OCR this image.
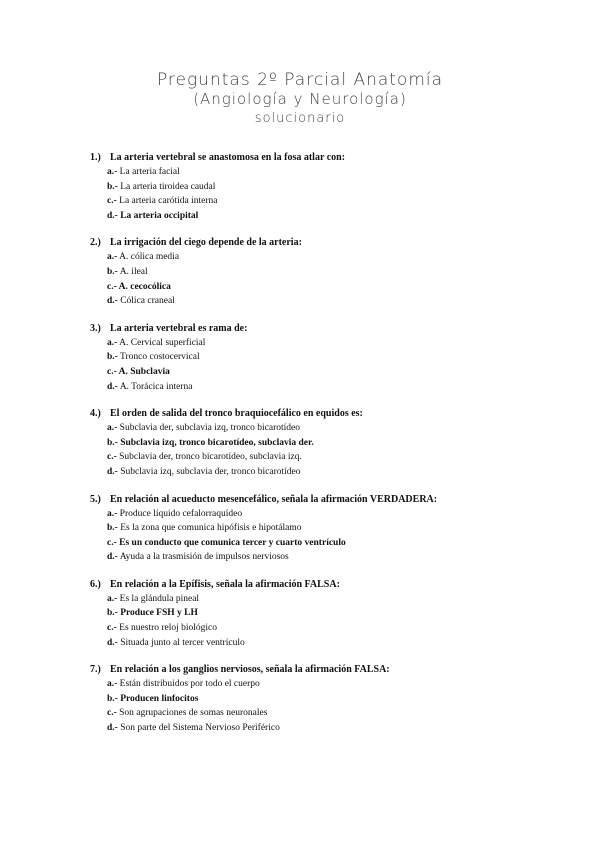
Preguntas 2º Parcial Anatomía
(Angiología y Neurología)
solucionario
1.) La arteria vertebral se anastomosa en la fosa atlar con:
a.- La arteria facial
b.- La arteria tiroidea caudal
c.- La arteria carótida interna
d.- La arteria occipital
2.) La irrigación del ciego depende de la arteria:
a.- A. cólica media
b.- A. ileal
c.- A. cecocólica
d.- Cólica craneal
3.) La arteria vertebral es rama de:
a.- A. Cervical superficial
b.- Tronco costocervical
c.- A. Subclavia
d.- A. Torácica interna
4.) El orden de salida del tronco braquiocefálico en equidos es:
a.- Subclavia der, subclavia izq, tronco bicarotídeo
b.- Subclavia izq, tronco bicarotídeo, subclavia der.
c.- Subclavia der, tronco bicarotídeo, subclavia izq.
d.- Subclavia izq, subclavia der, tronco bicarotídeo
5.) En relación al acueducto mesencefálico, señala la afirmación VERDADERA:
a.- Produce líquido cefalorraquídeo
b.- Es la zona que comunica hipófisis e hipotálamo
c.- Es un conducto que comunica tercer y cuarto ventrículo
d.- Ayuda a la trasmisión de impulsos nerviosos
6.) En relación a la Epífisis, señala la afirmación FALSA:
a.- Es la glándula pineal
b.- Produce FSH y LH
c.- Es nuestro reloj biológico
d.- Situada junto al tercer ventrículo
7.) En relación a los ganglios nerviosos, señala la afirmación FALSA:
a.- Están distribuidos por todo el cuerpo
b.- Producen linfocitos
c.- Son agrupaciones de somas neuronales
d.- Son parte del Sistema Nervioso Periférico
